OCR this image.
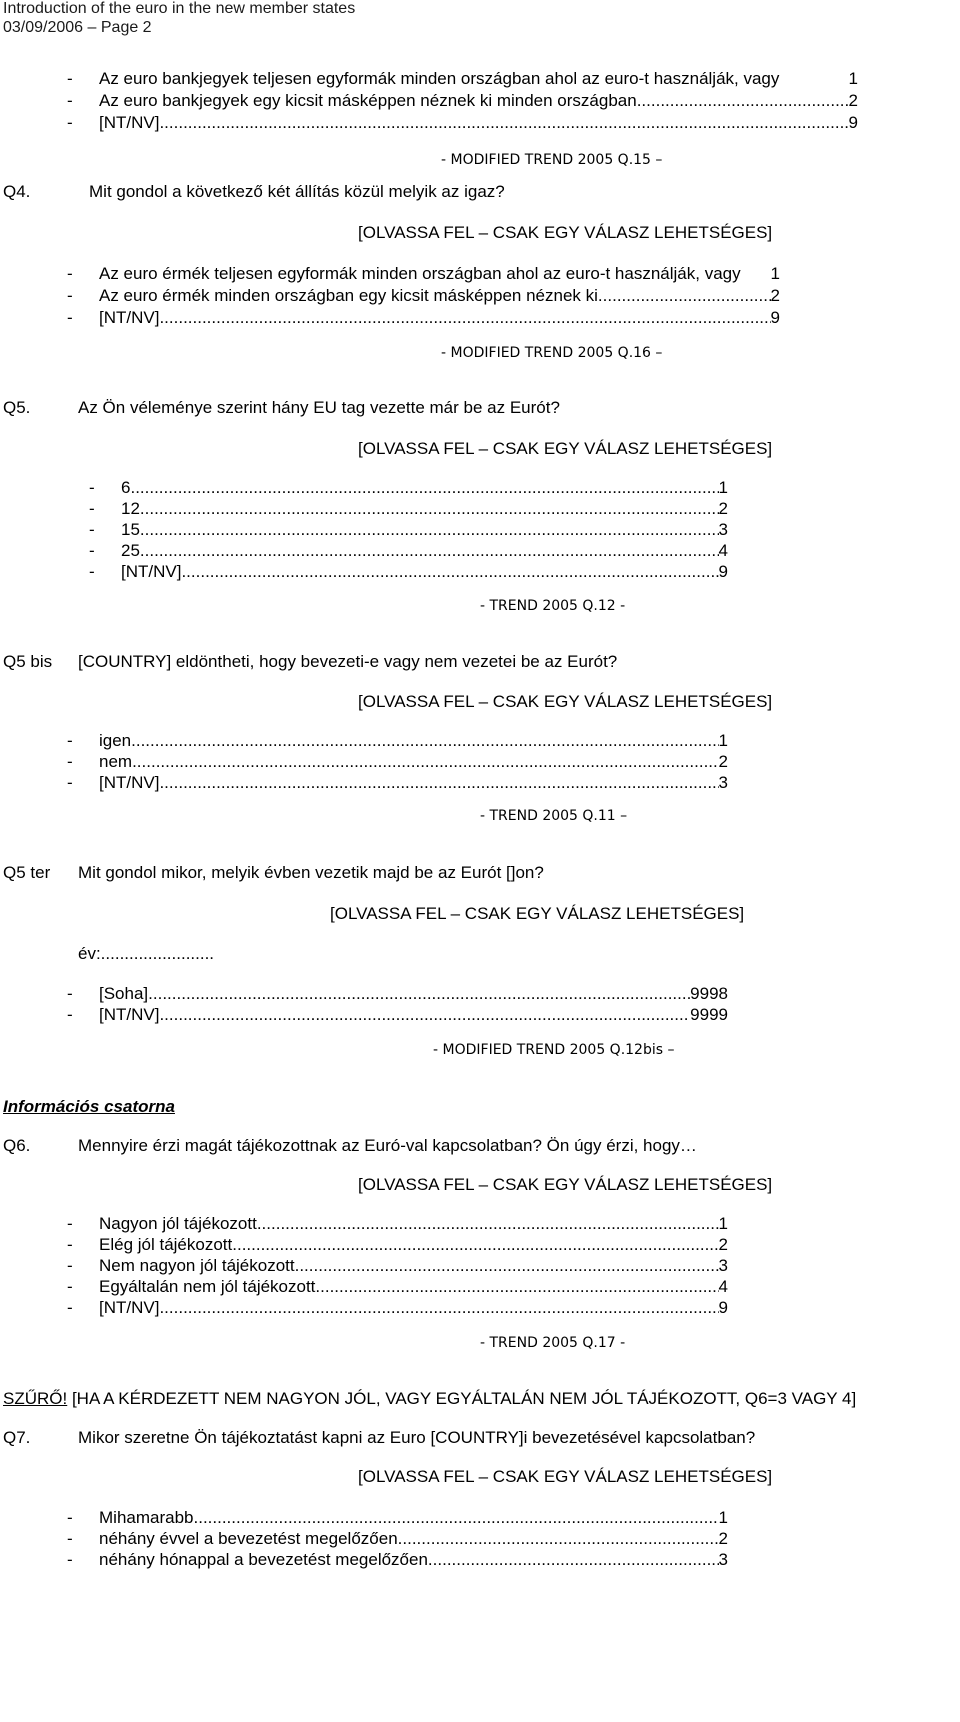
Introduction of the euro in the new member states
03/09/2006 – Page 2
-	Az euro bankjegyek teljesen egyformák minden országban ahol az euro-t használják, vagy	1
-	Az euro bankjegyek egy kicsit másképpen néznek ki minden országban. .....	2
-	[NT/NV] .....	9
- MODIFIED TREND 2005 Q.15 –
Q4.	Mit gondol a következő két állítás közül melyik az igaz?
[OLVASSA FEL – CSAK EGY VÁLASZ LEHETSÉGES]
-	Az euro érmék teljesen egyformák minden országban ahol az euro-t használják, vagy 1
-	Az euro érmék minden országban egy kicsit másképpen néznek ki. .....	2
-	[NT/NV] .....	9
- MODIFIED TREND 2005 Q.16 –
Q5.	Az Ön véleménye szerint hány EU tag vezette már be az Eurót?
[OLVASSA FEL – CSAK EGY VÁLASZ LEHETSÉGES]
-	6 .....	1
-	12 .....	2
-	15 .....	3
-	25 .....	4
-	[NT/NV] .....	9
- TREND 2005 Q.12 -
Q5 bis [COUNTRY] eldöntheti, hogy bevezeti-e vagy nem vezetei be az Eurót?
[OLVASSA FEL – CSAK EGY VÁLASZ LEHETSÉGES]
-	igen .....	1
-	nem .....	2
-	[NT/NV] .....	3
- TREND 2005 Q.11 –
Q5 ter Mit gondol mikor, melyik évben vezetik majd be az Eurót []on?
[OLVASSA FEL – CSAK EGY VÁLASZ LEHETSÉGES]
év:........................
-	[Soha] .....	9998
-	[NT/NV] .....	9999
- MODIFIED TREND 2005 Q.12bis –
Információs csatorna
Q6.	Mennyire érzi magát tájékozottnak az Euró-val kapcsolatban? Ön úgy érzi, hogy…
[OLVASSA FEL – CSAK EGY VÁLASZ LEHETSÉGES]
-	Nagyon jól tájékozott .....	1
-	Elég jól tájékozott .....	2
-	Nem nagyon jól tájékozott .....	3
-	Egyáltalán nem jól tájékozott .....	4
-	[NT/NV] .....	9
- TREND 2005 Q.17 -
SZŰRŐ! [HA A KÉRDEZETT NEM NAGYON JÓL, VAGY EGYÁLTALÁN NEM JÓL TÁJÉKOZOTT, Q6=3 VAGY 4]
Q7.	Mikor szeretne Ön tájékoztatást kapni az Euro [COUNTRY]i bevezetésével kapcsolatban?
[OLVASSA FEL – CSAK EGY VÁLASZ LEHETSÉGES]
-	Mihamarabb .....	1
-	néhány évvel a bevezetést megelőzően .....	2
-	néhány hónappal a bevezetést megelőzően .....	3
